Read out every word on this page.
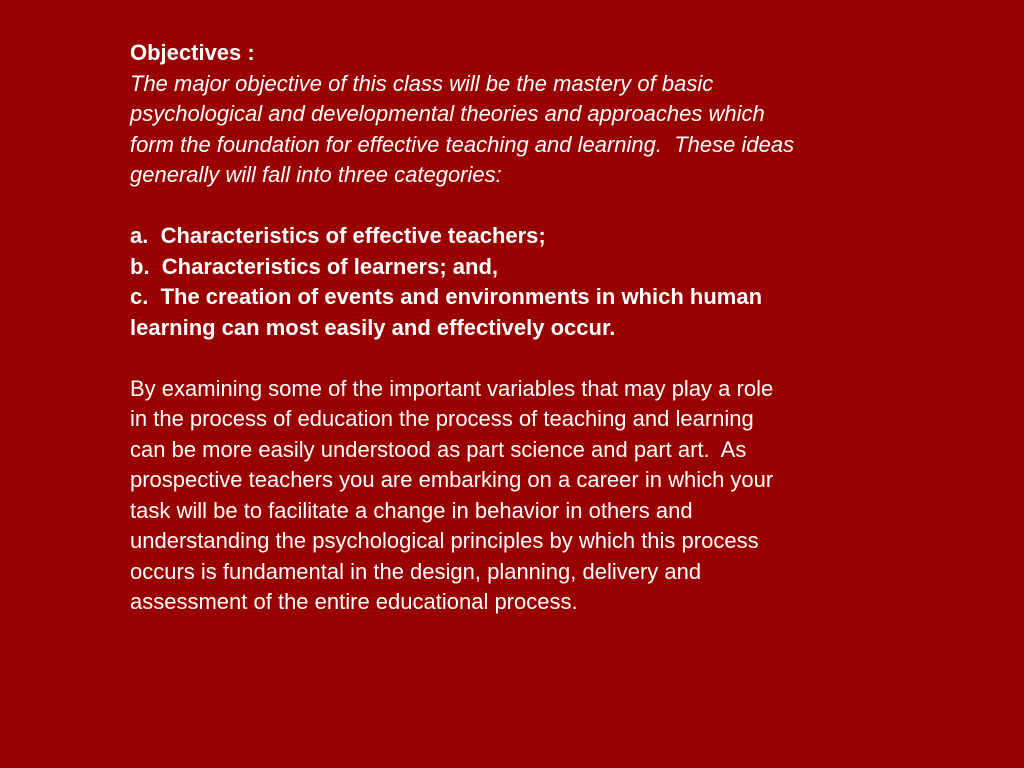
Objectives :
The major objective of this class will be the mastery of basic
psychological and developmental theories and approaches which
form the foundation for effective teaching and learning.  These ideas
generally will fall into three categories:
a.  Characteristics of effective teachers;
b.  Characteristics of learners; and,
c.  The creation of events and environments in which human
learning can most easily and effectively occur.
By examining some of the important variables that may play a role
in the process of education the process of teaching and learning
can be more easily understood as part science and part art.  As
prospective teachers you are embarking on a career in which your
task will be to facilitate a change in behavior in others and
understanding the psychological principles by which this process
occurs is fundamental in the design, planning, delivery and
assessment of the entire educational process.
